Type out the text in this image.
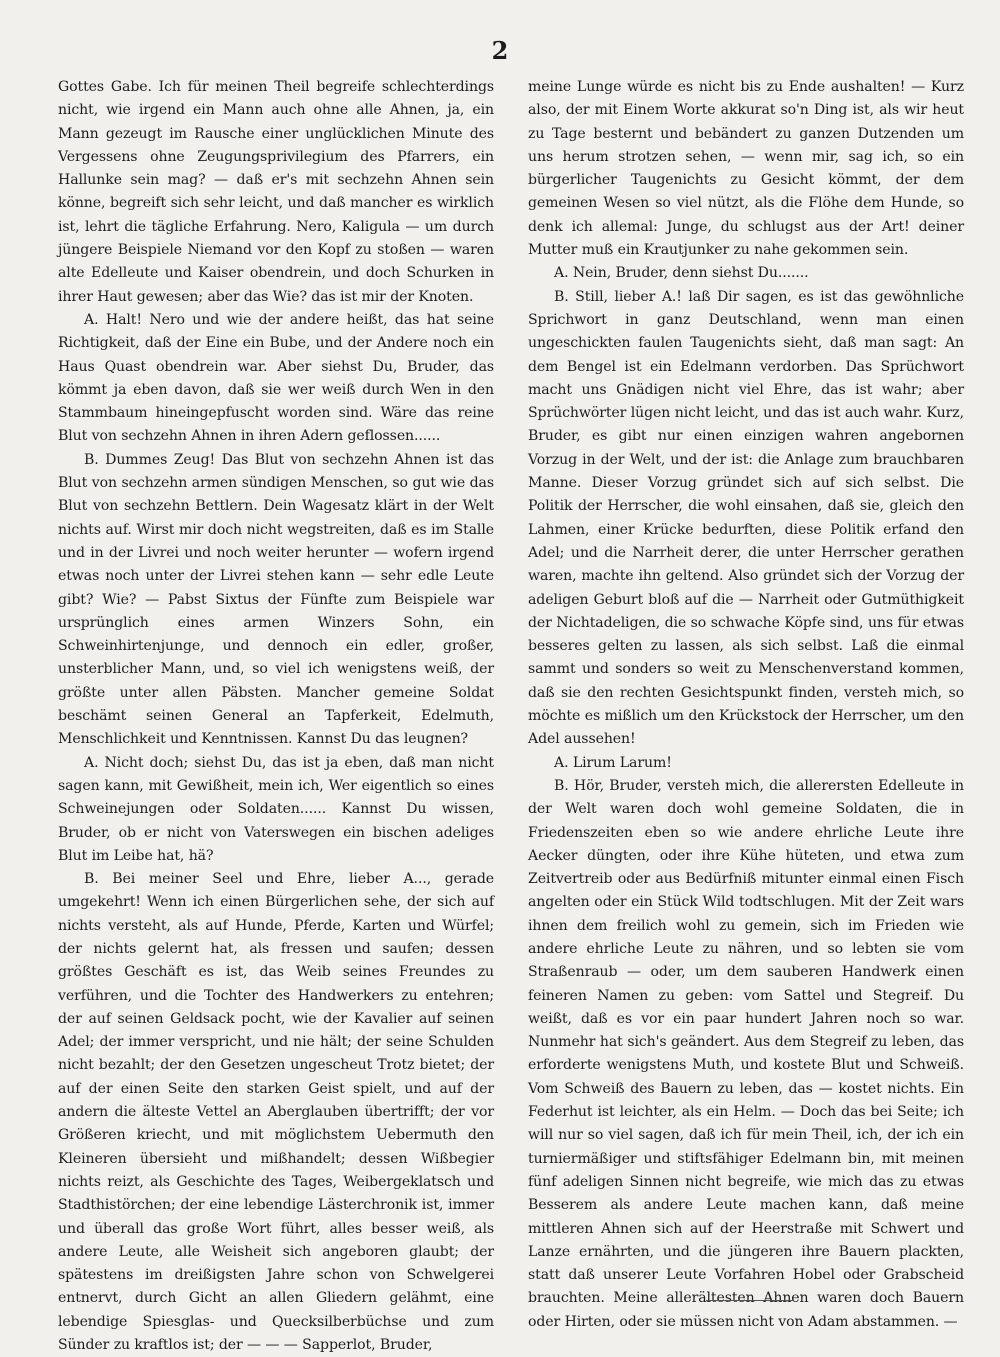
2

Gottes Gabe. Ich für meinen Theil begreife schlechterdings nicht, wie irgend ein Mann auch ohne alle Ahnen, ja, ein Mann gezeugt im Rausche einer unglücklichen Minute des Vergessens ohne Zeugungsprivilegium des Pfarrers, ein Hallunke sein mag? — daß er's mit sechzehn Ahnen sein könne, begreift sich sehr leicht, und daß mancher es wirklich ist, lehrt die tägliche Erfahrung. Nero, Kaligula — um durch jüngere Beispiele Niemand vor den Kopf zu stoßen — waren alte Edelleute und Kaiser obendrein, und doch Schurken in ihrer Haut gewesen; aber das Wie? das ist mir der Knoten.

A. Halt! Nero und wie der andere heißt, das hat seine Richtigkeit, daß der Eine ein Bube, und der Andere noch ein Haus Quast obendrein war. Aber siehst Du, Bruder, das kömmt ja eben davon, daß sie wer weiß durch Wen in den Stammbaum hineingepfuscht worden sind. Wäre das reine Blut von sechzehn Ahnen in ihren Adern geflossen......

B. Dummes Zeug! Das Blut von sechzehn Ahnen ist das Blut von sechzehn armen sündigen Menschen, so gut wie das Blut von sechzehn Bettlern. Dein Wagesatz klärt in der Welt nichts auf. Wirst mir doch nicht wegstreiten, daß es im Stalle und in der Livrei und noch weiter herunter — wofern irgend etwas noch unter der Livrei stehen kann — sehr edle Leute gibt? Wie? — Pabst Sixtus der Fünfte zum Beispiele war ursprünglich eines armen Winzers Sohn, ein Schweinhirtenjunge, und dennoch ein edler, großer, unsterblicher Mann, und, so viel ich wenigstens weiß, der größte unter allen Päbsten. Mancher gemeine Soldat beschämt seinen General an Tapferkeit, Edelmuth, Menschlichkeit und Kenntnissen. Kannst Du das leugnen?

A. Nicht doch; siehst Du, das ist ja eben, daß man nicht sagen kann, mit Gewißheit, mein ich, Wer eigentlich so eines Schweinejungen oder Soldaten...... Kannst Du wissen, Bruder, ob er nicht von Vaterswegen ein bischen adeliges Blut im Leibe hat, hä?

B. Bei meiner Seel und Ehre, lieber A..., gerade umgekehrt! Wenn ich einen Bürgerlichen sehe, der sich auf nichts versteht, als auf Hunde, Pferde, Karten und Würfel; der nichts gelernt hat, als fressen und saufen; dessen größtes Geschäft es ist, das Weib seines Freundes zu verführen, und die Tochter des Handwerkers zu entehren; der auf seinen Geldsack pocht, wie der Kavalier auf seinen Adel; der immer verspricht, und nie hält; der seine Schulden nicht bezahlt; der den Gesetzen ungescheut Trotz bietet; der auf der einen Seite den starken Geist spielt, und auf der andern die älteste Vettel an Aberglauben übertrifft; der vor Größeren kriecht, und mit möglichstem Uebermuth den Kleineren übersieht und mißhandelt; dessen Wißbegier nichts reizt, als Geschichte des Tages, Weibergeklatsch und Stadthistörchen; der eine lebendige Lästerchronik ist, immer und überall das große Wort führt, alles besser weiß, als andere Leute, alle Weisheit sich angeboren glaubt; der spätestens im dreißigsten Jahre schon von Schwelgerei entnervt, durch Gicht an allen Gliedern gelähmt, eine lebendige Spiesglas- und Quecksilberbüchse und zum Sünder zu kraftlos ist; der — — — Sapperlot, Bruder,

meine Lunge würde es nicht bis zu Ende aushalten! — Kurz also, der mit Einem Worte akkurat so'n Ding ist, als wir heut zu Tage besternt und bebändert zu ganzen Dutzenden um uns herum strotzen sehen, — wenn mir, sag ich, so ein bürgerlicher Taugenichts zu Gesicht kömmt, der dem gemeinen Wesen so viel nützt, als die Flöhe dem Hunde, so denk ich allemal: Junge, du schlugst aus der Art! deiner Mutter muß ein Krautjunker zu nahe gekommen sein.

A. Nein, Bruder, denn siehst Du.......

B. Still, lieber A.! laß Dir sagen, es ist das gewöhnliche Sprichwort in ganz Deutschland, wenn man einen ungeschickten faulen Taugenichts sieht, daß man sagt: An dem Bengel ist ein Edelmann verdorben. Das Sprüchwort macht uns Gnädigen nicht viel Ehre, das ist wahr; aber Sprüchwörter lügen nicht leicht, und das ist auch wahr. Kurz, Bruder, es gibt nur einen einzigen wahren angebornen Vorzug in der Welt, und der ist: die Anlage zum brauchbaren Manne. Dieser Vorzug gründet sich auf sich selbst. Die Politik der Herrscher, die wohl einsahen, daß sie, gleich den Lahmen, einer Krücke bedurften, diese Politik erfand den Adel; und die Narrheit derer, die unter Herrscher gerathen waren, machte ihn geltend. Also gründet sich der Vorzug der adeligen Geburt bloß auf die — Narrheit oder Gutmüthigkeit der Nichtadeligen, die so schwache Köpfe sind, uns für etwas besseres gelten zu lassen, als sich selbst. Laß die einmal sammt und sonders so weit zu Menschenverstand kommen, daß sie den rechten Gesichtspunkt finden, versteh mich, so möchte es mißlich um den Krückstock der Herrscher, um den Adel aussehen!

A. Lirum Larum!

B. Hör, Bruder, versteh mich, die allerersten Edelleute in der Welt waren doch wohl gemeine Soldaten, die in Friedenszeiten eben so wie andere ehrliche Leute ihre Aecker düngten, oder ihre Kühe hüteten, und etwa zum Zeitvertreib oder aus Bedürfniß mitunter einmal einen Fisch angelten oder ein Stück Wild todtschlugen. Mit der Zeit wars ihnen dem freilich wohl zu gemein, sich im Frieden wie andere ehrliche Leute zu nähren, und so lebten sie vom Straßenraub — oder, um dem sauberen Handwerk einen feineren Namen zu geben: vom Sattel und Stegreif. Du weißt, daß es vor ein paar hundert Jahren noch so war. Nunmehr hat sich's geändert. Aus dem Stegreif zu leben, das erforderte wenigstens Muth, und kostete Blut und Schweiß. Vom Schweiß des Bauern zu leben, das — kostet nichts. Ein Federhut ist leichter, als ein Helm. — Doch das bei Seite; ich will nur so viel sagen, daß ich für mein Theil, ich, der ich ein turniermäßiger und stiftsfähiger Edelmann bin, mit meinen fünf adeligen Sinnen nicht begreife, wie mich das zu etwas Besserem als andere Leute machen kann, daß meine mittleren Ahnen sich auf der Heerstraße mit Schwert und Lanze ernährten, und die jüngeren ihre Bauern plackten, statt daß unserer Leute Vorfahren Hobel oder Grabscheid brauchten. Meine allerältesten Ahnen waren doch Bauern oder Hirten, oder sie müssen nicht von Adam abstammen. —
